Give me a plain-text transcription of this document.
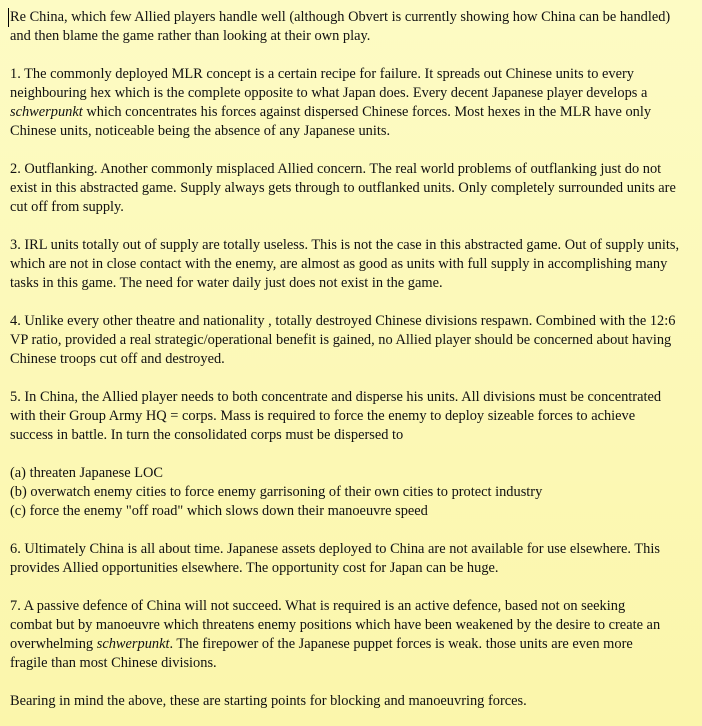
Re China, which few Allied players handle well (although Obvert is currently showing how China can be handled)

and then blame the game rather than looking at their own play.

1. The commonly deployed MLR concept is a certain recipe for failure. It spreads out Chinese units to every

neighbouring hex which is the complete opposite to what Japan does. Every decent Japanese player develops a

schwerpunkt which concentrates his forces against dispersed Chinese forces. Most hexes in the MLR have only

Chinese units, noticeable being the absence of any Japanese units.

2. Outflanking. Another commonly misplaced Allied concern. The real world problems of outflanking just do not

exist in this abstracted game. Supply always gets through to outflanked units. Only completely surrounded units are

cut off from supply.

3. IRL units totally out of supply are totally useless. This is not the case in this abstracted game. Out of supply units,

which are not in close contact with the enemy, are almost as good as units with full supply in accomplishing many

tasks in this game. The need for water daily just does not exist in the game.

4. Unlike every other theatre and nationality , totally destroyed Chinese divisions respawn. Combined with the 12:6

VP ratio, provided a real strategic/operational benefit is gained, no Allied player should be concerned about having

Chinese troops cut off and destroyed.

5. In China, the Allied player needs to both concentrate and disperse his units. All divisions must be concentrated

with their Group Army HQ = corps. Mass is required to force the enemy to deploy sizeable forces to achieve

success in battle. In turn the consolidated corps must be dispersed to

(a) threaten Japanese LOC

(b) overwatch enemy cities to force enemy garrisoning of their own cities to protect industry

(c) force the enemy "off road" which slows down their manoeuvre speed

6. Ultimately China is all about time. Japanese assets deployed to China are not available for use elsewhere. This

provides Allied opportunities elsewhere. The opportunity cost for Japan can be huge.

7. A passive defence of China will not succeed. What is required is an active defence, based not on seeking

combat but by manoeuvre which threatens enemy positions which have been weakened by the desire to create an

overwhelming schwerpunkt. The firepower of the Japanese puppet forces is weak. those units are even more

fragile than most Chinese divisions.

Bearing in mind the above, these are starting points for blocking and manoeuvring forces.
